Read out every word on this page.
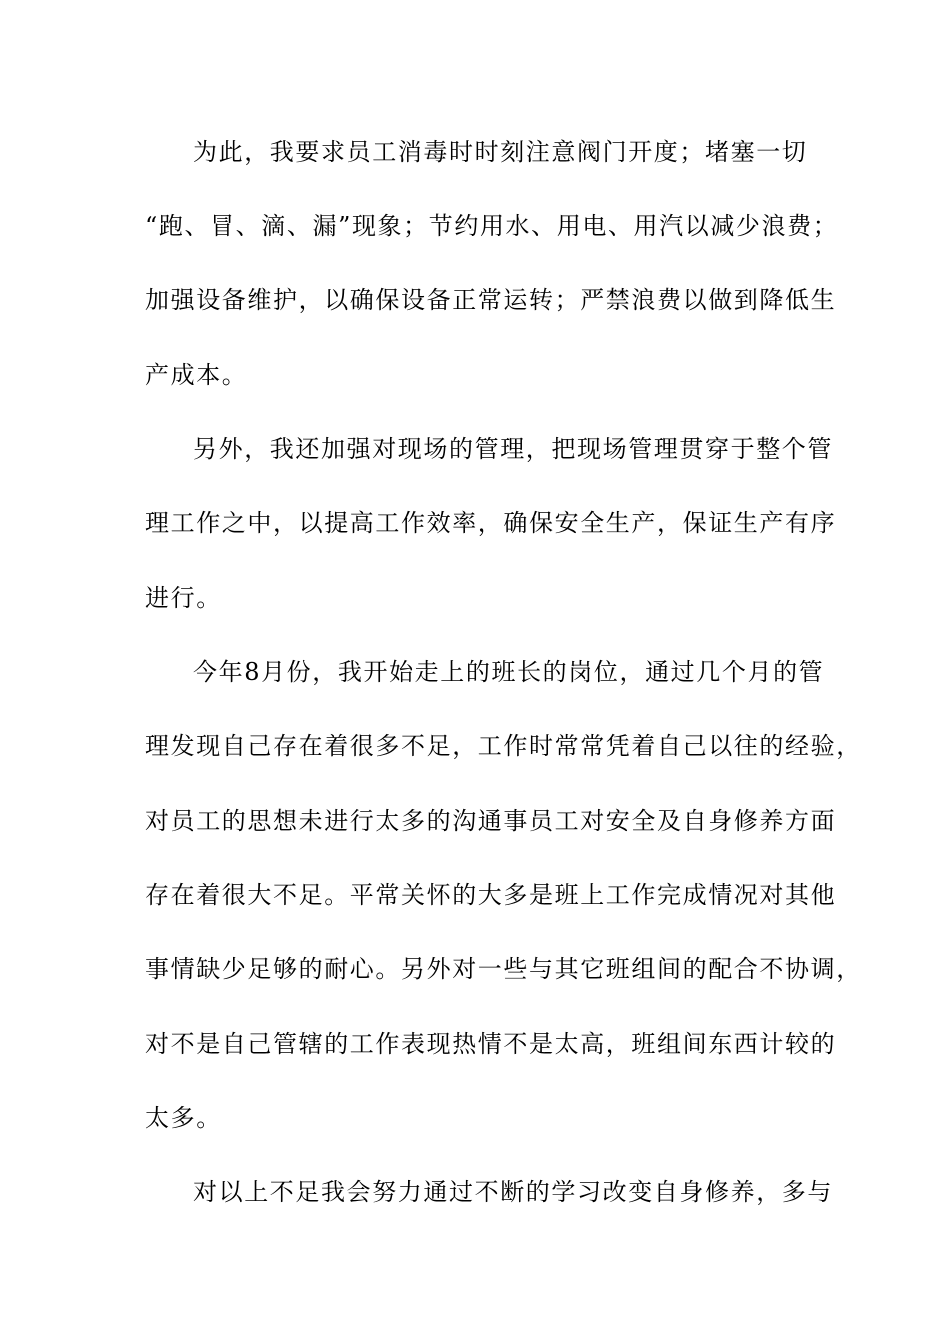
为此，我要求员工消毒时时刻注意阀门开度；堵塞一切
“跑、冒、滴、漏”现象；节约用水、用电、用汽以减少浪费；
加强设备维护，以确保设备正常运转；严禁浪费以做到降低生
产成本。
另外，我还加强对现场的管理，把现场管理贯穿于整个管
理工作之中，以提高工作效率，确保安全生产，保证生产有序
进行。
今年8月份，我开始走上的班长的岗位，通过几个月的管
理发现自己存在着很多不足，工作时常常凭着自己以往的经验，
对员工的思想未进行太多的沟通事员工对安全及自身修养方面
存在着很大不足。平常关怀的大多是班上工作完成情况对其他
事情缺少足够的耐心。另外对一些与其它班组间的配合不协调，
对不是自己管辖的工作表现热情不是太高，班组间东西计较的
太多。
对以上不足我会努力通过不断的学习改变自身修养，多与
